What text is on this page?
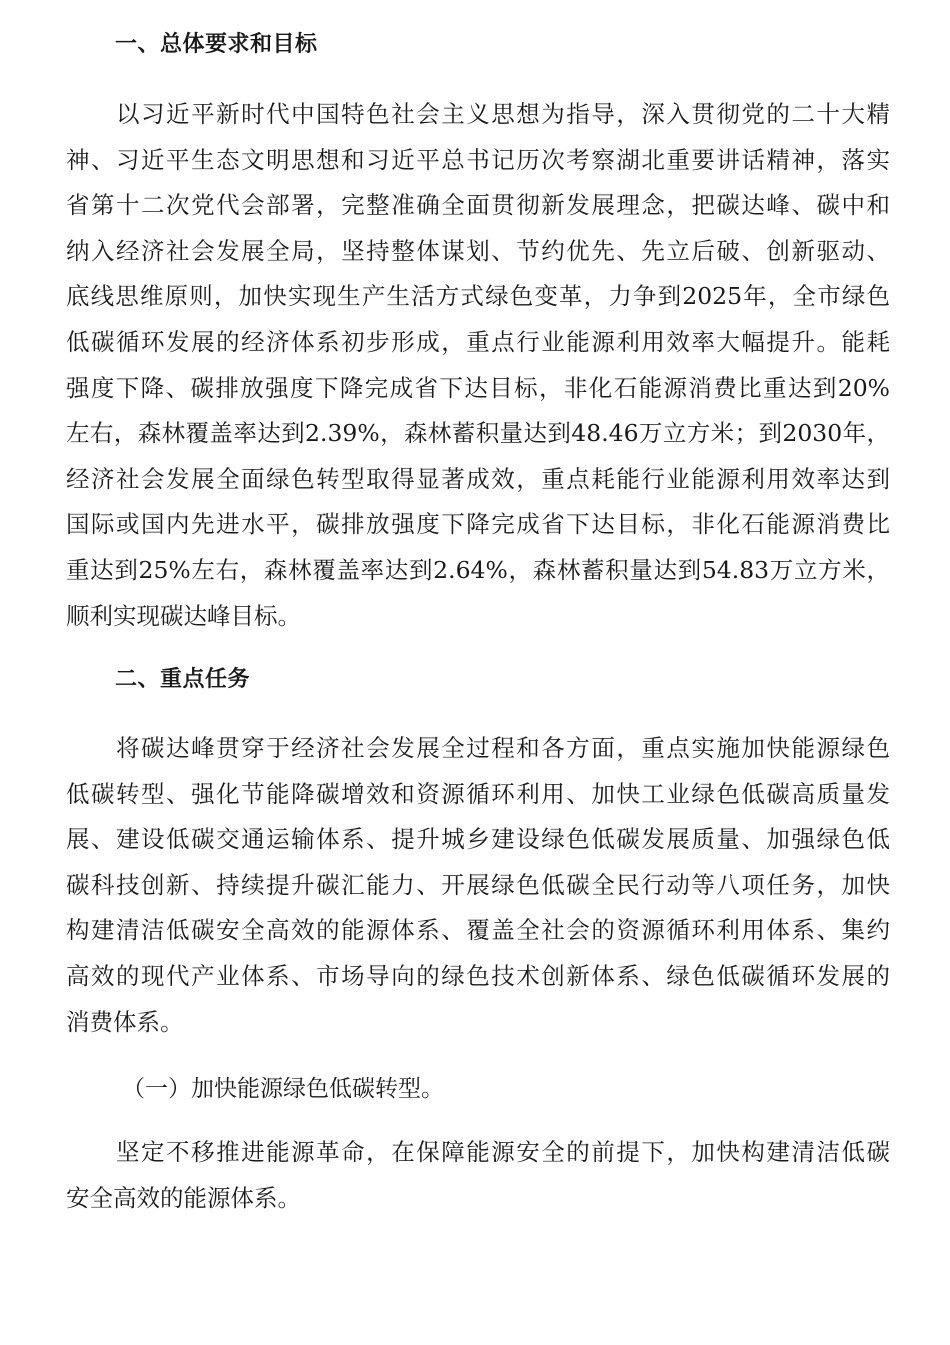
一、总体要求和目标
　　以习近平新时代中国特色社会主义思想为指导，深入贯彻党的二十大精
神、习近平生态文明思想和习近平总书记历次考察湖北重要讲话精神，落实
省第十二次党代会部署，完整准确全面贯彻新发展理念，把碳达峰、碳中和
纳入经济社会发展全局，坚持整体谋划、节约优先、先立后破、创新驱动、
底线思维原则，加快实现生产生活方式绿色变革，力争到2025年，全市绿色
低碳循环发展的经济体系初步形成，重点行业能源利用效率大幅提升。能耗
强度下降、碳排放强度下降完成省下达目标，非化石能源消费比重达到20%
左右，森林覆盖率达到2.39%，森林蓄积量达到48.46万立方米；到2030年，
经济社会发展全面绿色转型取得显著成效，重点耗能行业能源利用效率达到
国际或国内先进水平，碳排放强度下降完成省下达目标，非化石能源消费比
重达到25%左右，森林覆盖率达到2.64%，森林蓄积量达到54.83万立方米，
顺利实现碳达峰目标。
二、重点任务
　　将碳达峰贯穿于经济社会发展全过程和各方面，重点实施加快能源绿色
低碳转型、强化节能降碳增效和资源循环利用、加快工业绿色低碳高质量发
展、建设低碳交通运输体系、提升城乡建设绿色低碳发展质量、加强绿色低
碳科技创新、持续提升碳汇能力、开展绿色低碳全民行动等八项任务，加快
构建清洁低碳安全高效的能源体系、覆盖全社会的资源循环利用体系、集约
高效的现代产业体系、市场导向的绿色技术创新体系、绿色低碳循环发展的
消费体系。
（一）加快能源绿色低碳转型。
　　坚定不移推进能源革命，在保障能源安全的前提下，加快构建清洁低碳
安全高效的能源体系。
